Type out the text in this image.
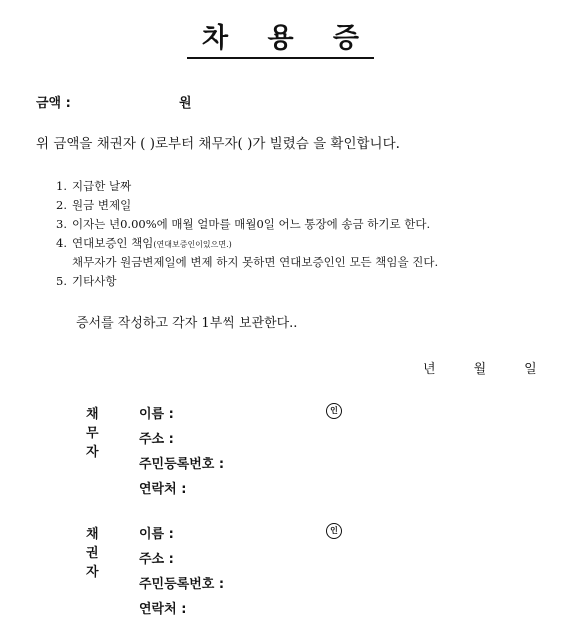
차 용 증
금액 :	원
위 금액을 채권자 ( )로부터 채무자( )가 빌렸슴 을 확인합니다.
1. 지급한 날짜
2. 원금 변제일
3. 이자는 년0.00%에 매월 얼마를 매월0일 어느 통장에 송금 하기로 한다.
4. 연대보증인 책임(연대보증인이있으면.)
채무자가 원금변제일에 변제 하지 못하면 연대보증인인 모든 책임을 진다.
5. 기타사항
증서를 작성하고 각자 1부씩 보관한다..
년	월	일
채무자
이름 :	인
주소 :
주민등록번호 :
연락처 :
채권자
이름 :	인
주소 :
주민등록번호 :
연락처 :
